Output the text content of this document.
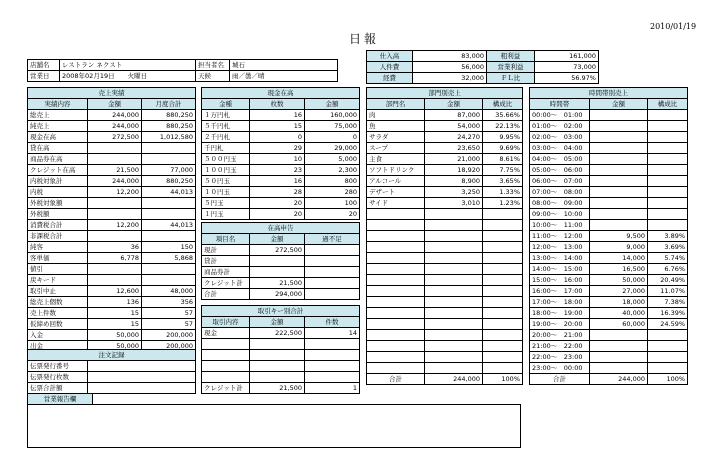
2010/01/19
日報
仕入高	83,000	粗利益	161,000
人件費	56,000	営業利益	73,000
経費	32,000	ＦＬ比	56.97%
店舗名	レストラン ネクスト	担当者名	城石
営業日	2008年02月19日　　 火曜日	天候	雨／曇／晴
売上実績		
実績内容	金額	月度合計
総売上	244,000	880,250
純売上	244,000	880,250
現金在高	272,500	1,012,580
貸在高		
商品券在高		
クレジット在高	21,500	77,000
内税対象計	244,000	880,250
内税	12,200	44,013
外税対象額		
外税額		
消費税合計	12,200	44,013
非課税合計		
純客	36	150
客単価	6,778	5,868
値引		
戻キード		
取引中止	12,600	48,000
総売上個数	136	356
売上件数	15	57
仮締め回数	15	57
入金	50,000	200,000
出金	50,000	200,000
注文記録	
伝票発行番号	
伝票発行枚数	
伝票合計額	
現金在高		
金種	枚数	金額
１万円札	16	160,000
５千円札	15	75,000
２千円札	0	0
千円札	29	29,000
５００円玉	10	5,000
１００円玉	23	2,300
５０円玉	16	800
１０円玉	28	280
５円玉	20	100
１円玉	20	20
在高申告		
項目名	金額	過不足
現計	272,500	
貸計		
商品券計		
クレジット計	21,500	
合計	294,000	
取引キー別合計		
取引内容	金額	件数
現金	222,500	14

クレジット計	21,500	1
部門別売上		
部門名	金額	構成比
肉	87,000	35.66%
魚	54,000	22.13%
サラダ	24,270	9.95%
スープ	23,650	9.69%
主食	21,000	8.61%
ソフトドリンク	18,920	7.75%
アルコール	8,900	3.65%
デザート	3,250	1.33%
サイド	3,010	1.23%

合計	244,000	100%
時間帯別売上		
時間帯	金額	構成比
00:00〜　01:00		
01:00〜　02:00		
02:00〜　03:00		
03:00〜　04:00		
04:00〜　05:00		
05:00〜　06:00		
06:00〜　07:00		
07:00〜　08:00		
08:00〜　09:00		
09:00〜　10:00		
10:00〜　11:00		
11:00〜　12:00	9,500	3.89%
12:00〜　13:00	9,000	3.69%
13:00〜　14:00	14,000	5.74%
14:00〜　15:00	16,500	6.76%
15:00〜　16:00	50,000	20.49%
16:00〜　17:00	27,000	11.07%
17:00〜　18:00	18,000	7.38%
18:00〜　19:00	40,000	16.39%
19:00〜　20:00	60,000	24.59%
20:00〜　21:00		
21:00〜　22:00		
22:00〜　23:00		
23:00〜　00:00		
合計	244,000	100%
営業報告欄	
